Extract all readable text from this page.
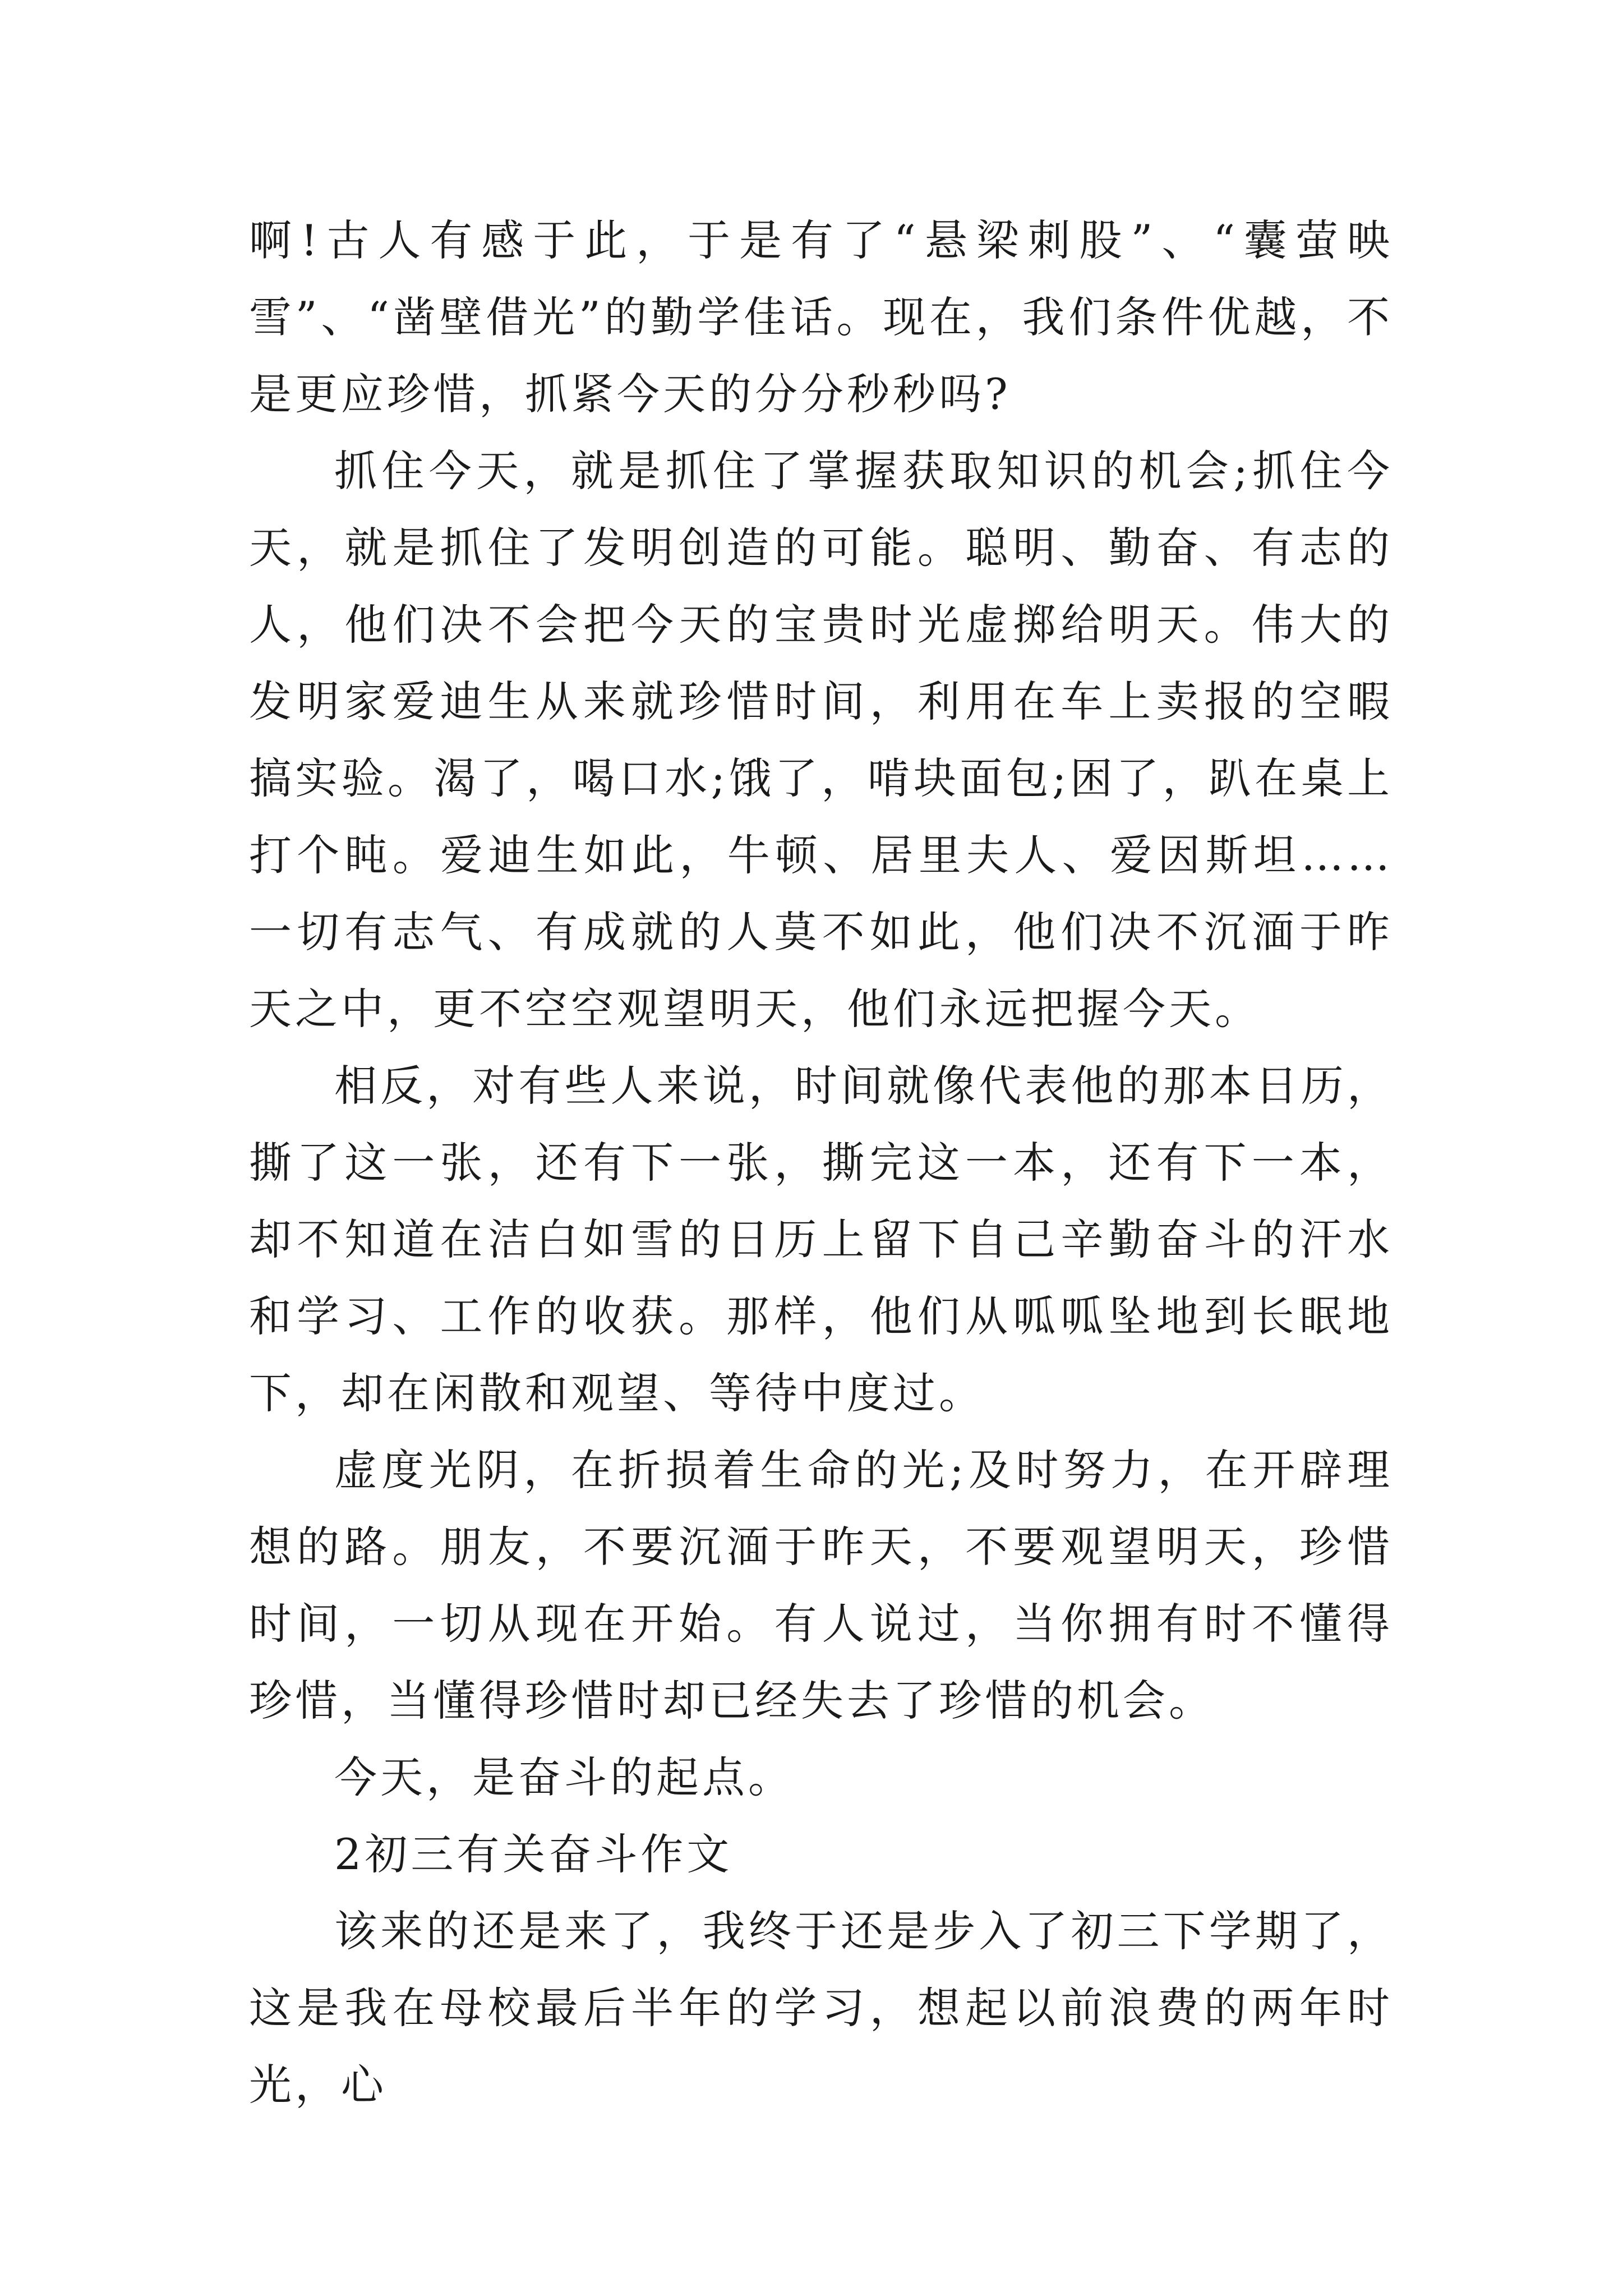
啊!古人有感于此，于是有了“悬梁刺股”、“囊萤映雪”、“凿壁借光”的勤学佳话。现在，我们条件优越，不是更应珍惜，抓紧今天的分分秒秒吗?

抓住今天，就是抓住了掌握获取知识的机会;抓住今天，就是抓住了发明创造的可能。聪明、勤奋、有志的人，他们决不会把今天的宝贵时光虚掷给明天。伟大的发明家爱迪生从来就珍惜时间，利用在车上卖报的空暇搞实验。渴了，喝口水;饿了，啃块面包;困了，趴在桌上打个盹。爱迪生如此，牛顿、居里夫人、爱因斯坦……一切有志气、有成就的人莫不如此，他们决不沉湎于昨天之中，更不空空观望明天，他们永远把握今天。

相反，对有些人来说，时间就像代表他的那本日历，撕了这一张，还有下一张，撕完这一本，还有下一本，却不知道在洁白如雪的日历上留下自己辛勤奋斗的汗水和学习、工作的收获。那样，他们从呱呱坠地到长眠地下，却在闲散和观望、等待中度过。

虚度光阴，在折损着生命的光;及时努力，在开辟理想的路。朋友，不要沉湎于昨天，不要观望明天，珍惜时间，一切从现在开始。有人说过，当你拥有时不懂得珍惜，当懂得珍惜时却已经失去了珍惜的机会。

今天，是奋斗的起点。

2初三有关奋斗作文

该来的还是来了，我终于还是步入了初三下学期了，这是我在母校最后半年的学习，想起以前浪费的两年时光，心
